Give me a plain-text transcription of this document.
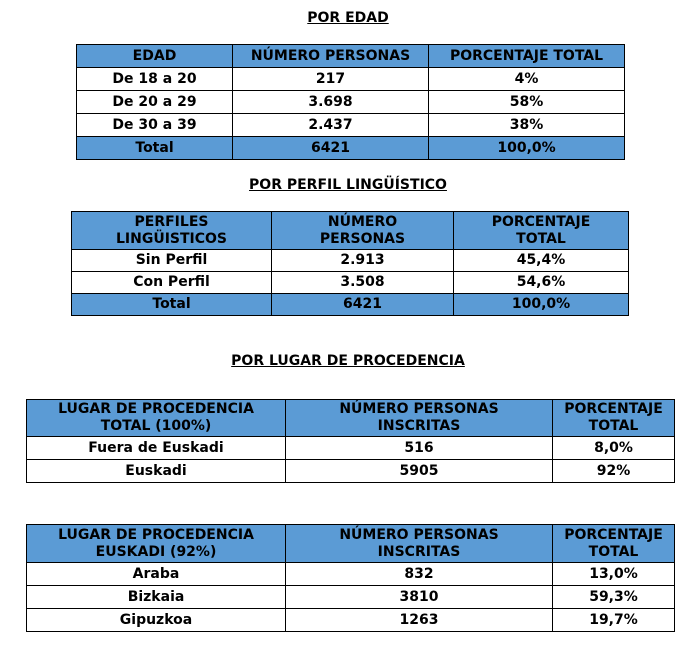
POR EDAD
EDAD	NÚMERO PERSONAS	PORCENTAJE TOTAL
De 18 a 20	217	4%
De 20 a 29	3.698	58%
De 30 a 39	2.437	38%
Total	6421	100,0%
POR PERFIL LINGÜÍSTICO
PERFILES LINGÜISTICOS	NÚMERO PERSONAS	PORCENTAJE TOTAL
Sin Perfil	2.913	45,4%
Con Perfil	3.508	54,6%
Total	6421	100,0%
POR LUGAR DE PROCEDENCIA
LUGAR DE PROCEDENCIA TOTAL (100%)	NÚMERO PERSONAS INSCRITAS	PORCENTAJE TOTAL
Fuera de Euskadi	516	8,0%
Euskadi	5905	92%
LUGAR DE PROCEDENCIA EUSKADI (92%)	NÚMERO PERSONAS INSCRITAS	PORCENTAJE TOTAL
Araba	832	13,0%
Bizkaia	3810	59,3%
Gipuzkoa	1263	19,7%
